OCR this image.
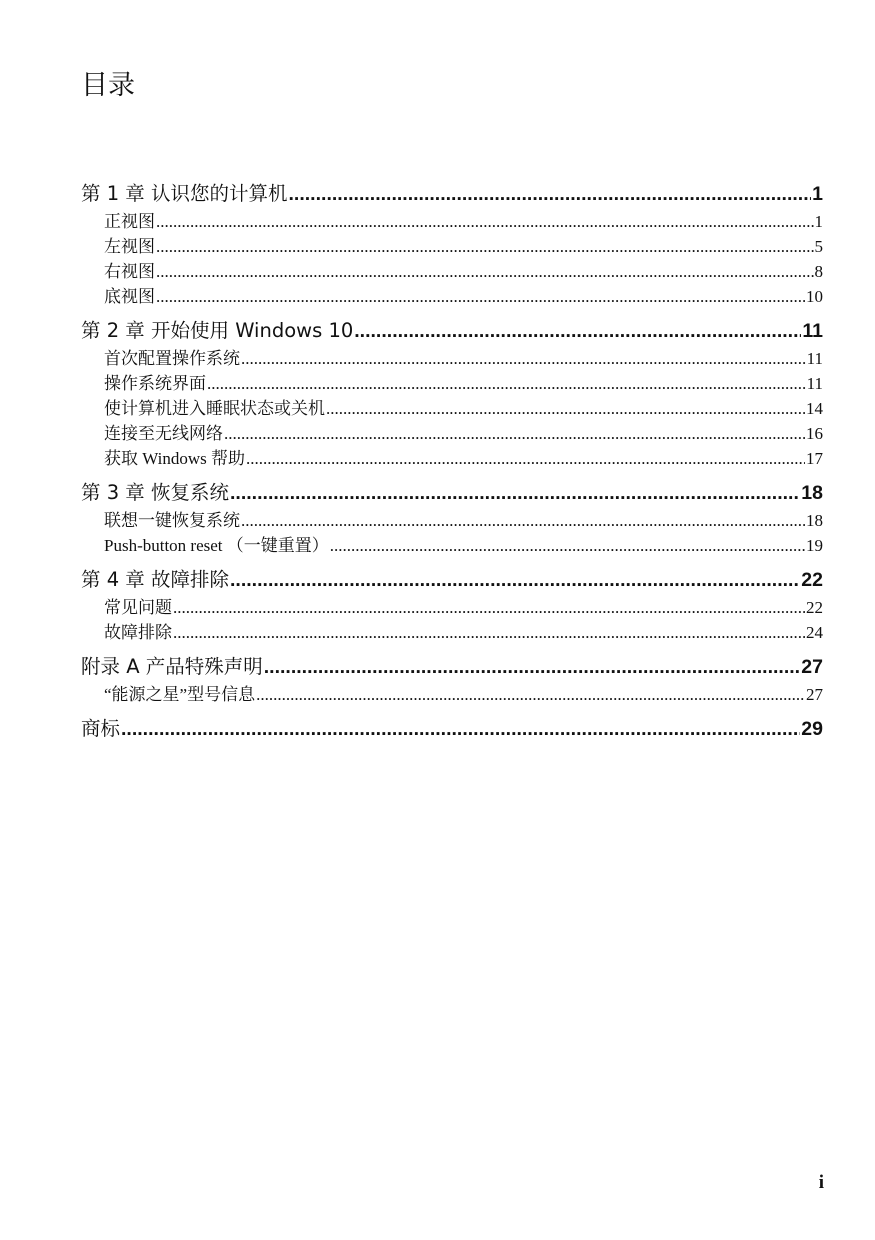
目录
第 1 章 认识您的计算机 .....	1
正视图 .....	1
左视图 .....	5
右视图 .....	8
底视图 .....	10
第 2 章 开始使用 Windows 10 .....	11
首次配置操作系统 .....	11
操作系统界面 .....	11
使计算机进入睡眠状态或关机 .....	14
连接至无线网络 .....	16
获取 Windows 帮助 .....	17
第 3 章 恢复系统 .....	18
联想一键恢复系统 .....	18
Push-button reset （一键重置） .....	19
第 4 章 故障排除 .....	22
常见问题 .....	22
故障排除 .....	24
附录 A 产品特殊声明 .....	27
“能源之星”型号信息 .....	27
商标 .....	29
i
